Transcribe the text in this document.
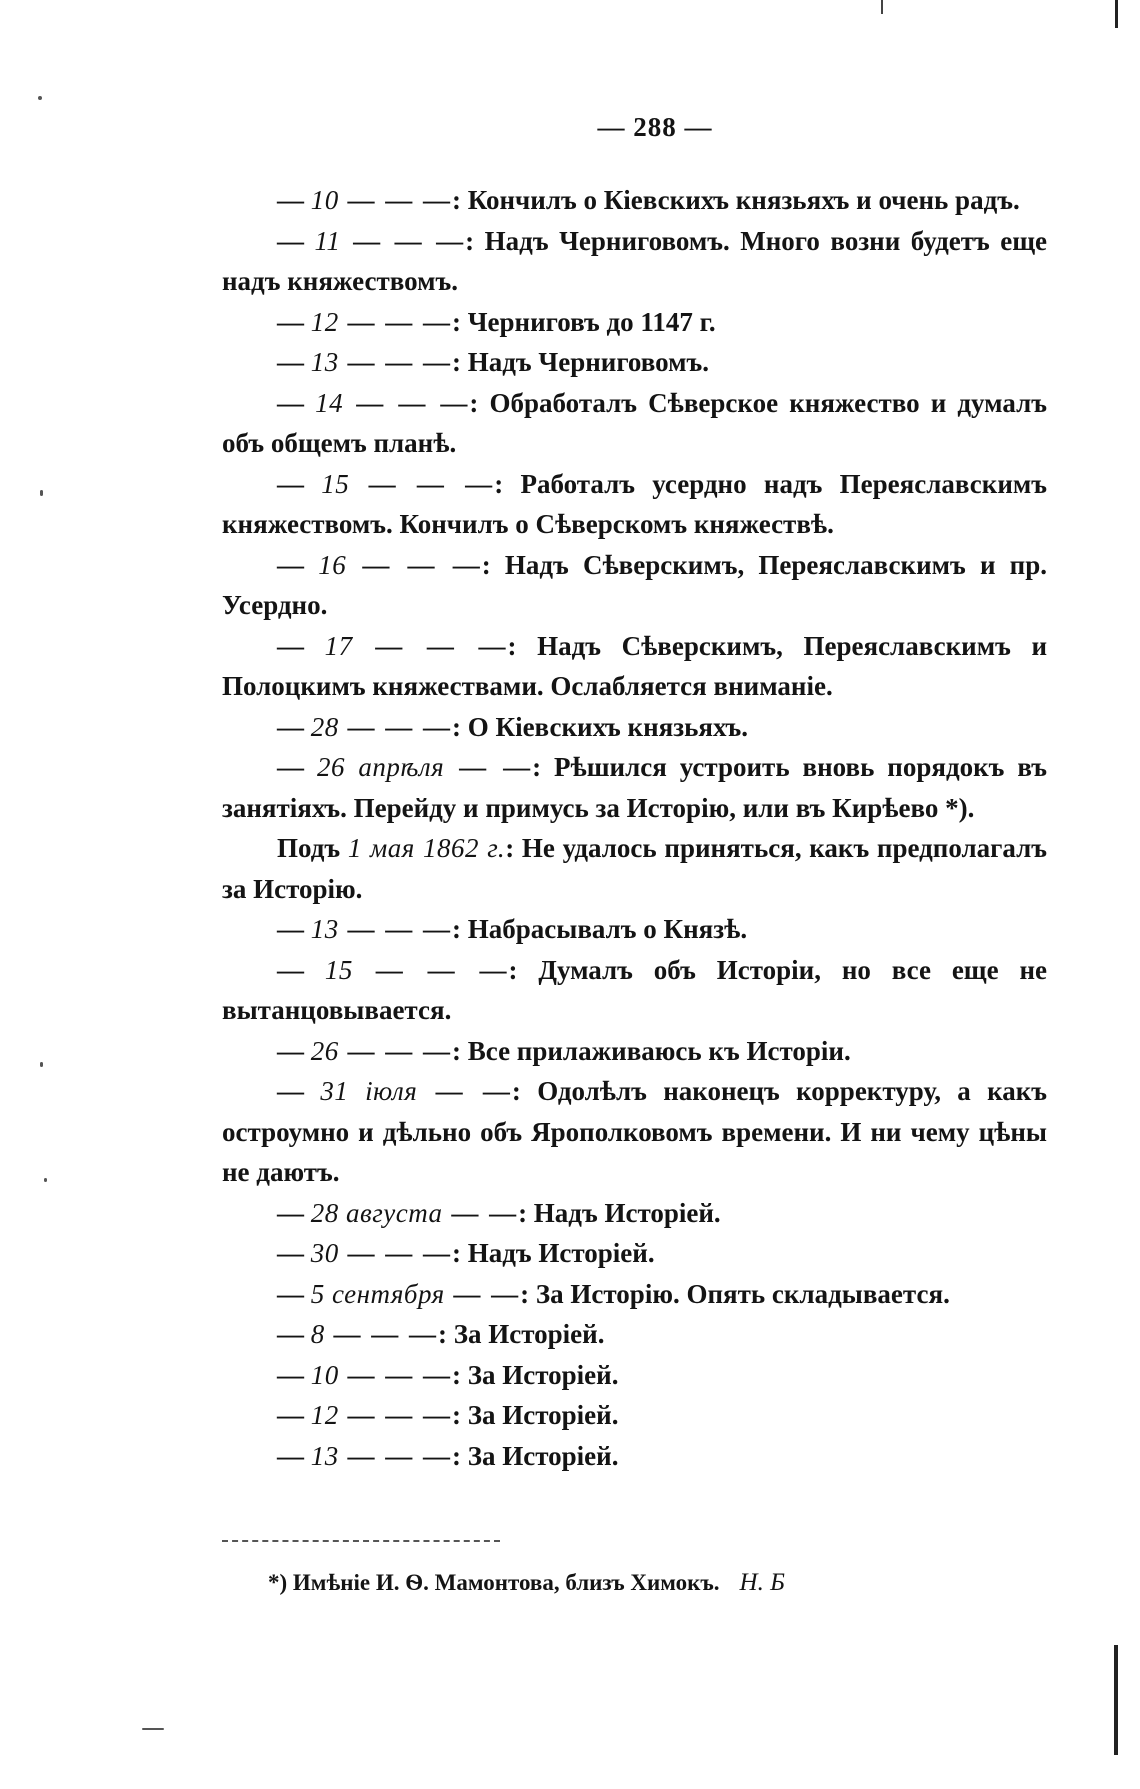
— 288 —

— 10 — — —: Кончилъ о Кіевскихъ князьяхъ и очень радъ.

— 11 — — —: Надъ Черниговомъ. Много возни будетъ еще надъ княжествомъ.

— 12 — — —: Черниговъ до 1147 г.

— 13 — — —: Надъ Черниговомъ.

— 14 — — —: Обработалъ Сѣверское княжество и думалъ объ общемъ планѣ.

— 15 — — —: Работалъ усердно надъ Переяславскимъ княжествомъ. Кончилъ о Сѣверскомъ княжествѣ.

— 16 — — —: Надъ Сѣверскимъ, Переяславскимъ и пр. Усердно.

— 17 — — —: Надъ Сѣверскимъ, Переяславскимъ и Полоцкимъ княжествами. Ослабляется вниманіе.

— 28 — — —: О Кіевскихъ князьяхъ.

— 26 апрѣля — —: Рѣшился устроить вновь порядокъ въ занятіяхъ. Перейду и примусь за Исторію, или въ Кирѣево *).

Подъ 1 мая 1862 г.: Не удалось приняться, какъ предполагалъ за Исторію.

— 13 — — —: Набрасывалъ о Князѣ.

— 15 — — —: Думалъ объ Исторіи, но все еще не вытанцовывается.

— 26 — — —: Все прилаживаюсь къ Исторіи.

— 31 іюля — —: Одолѣлъ наконецъ корректуру, а какъ остроумно и дѣльно объ Ярополковомъ времени. И ни чему цѣны не даютъ.

— 28 августа — —: Надъ Исторіей.

— 30 — — —: Надъ Исторіей.

— 5 сентября — —: За Исторію. Опять складывается.

— 8 — — —: За Исторіей.

— 10 — — —: За Исторіей.

— 12 — — —: За Исторіей.

— 13 — — —: За Исторіей.

*) Имѣніе И. Ѳ. Мамонтова, близъ Химокъ. Н. Б
